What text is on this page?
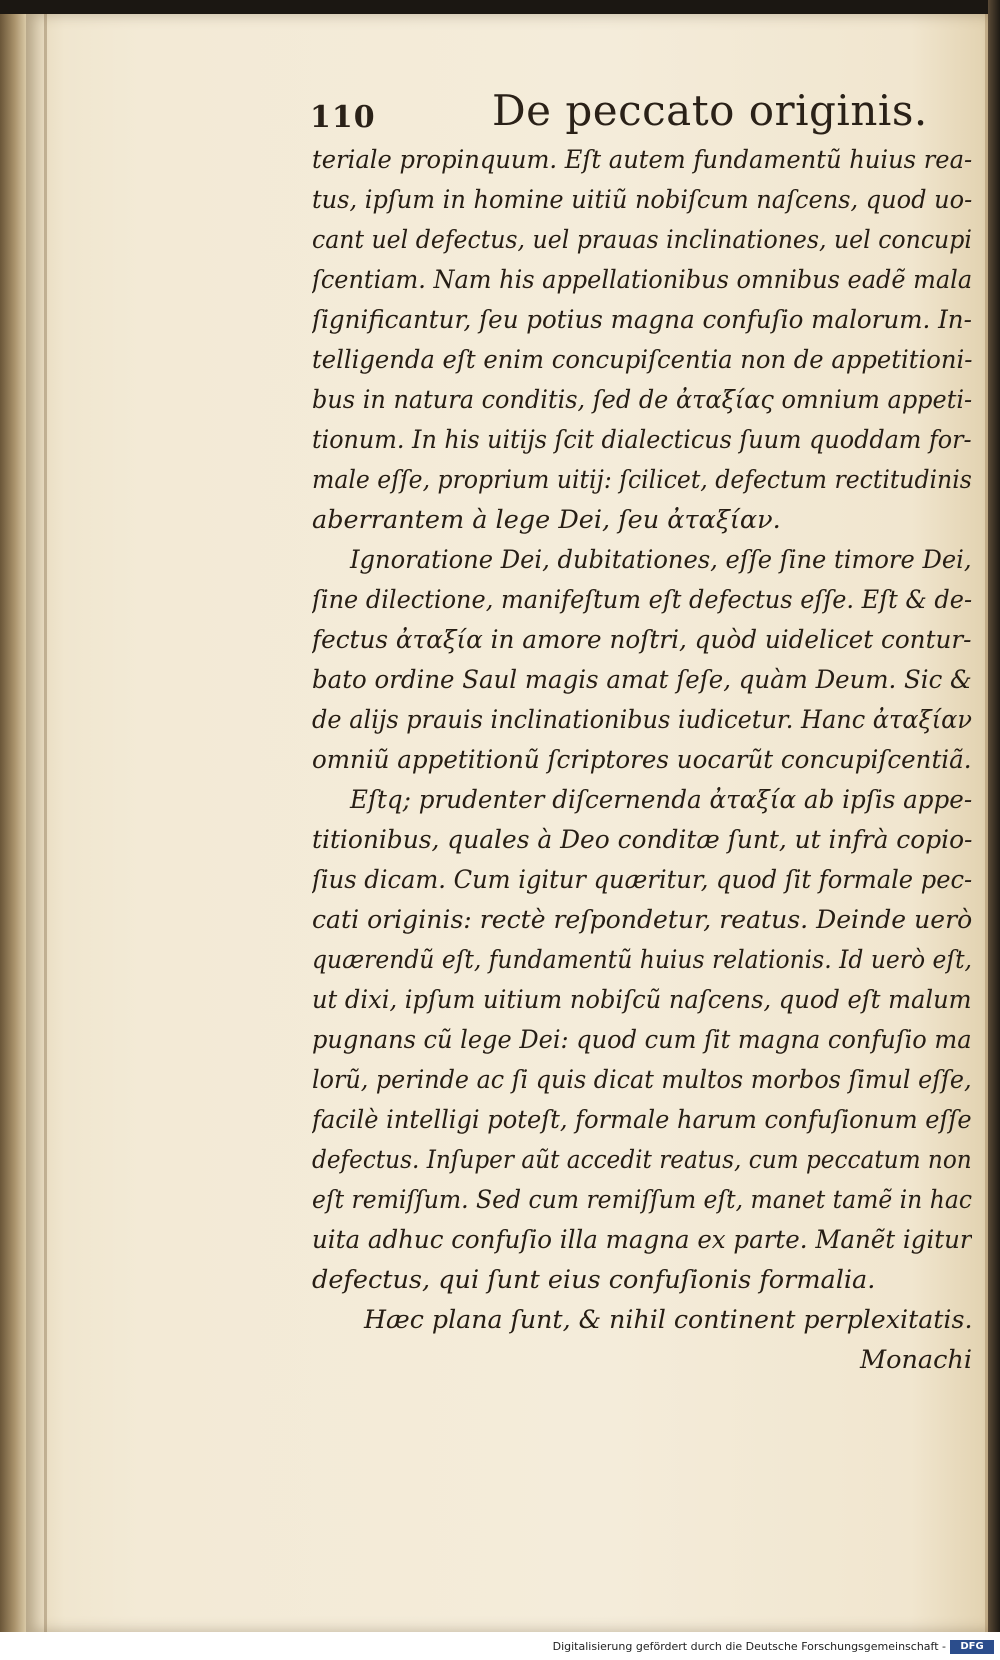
110	De peccato originis.
teriale propinquum. Eſt autem fundamentũ huius rea-
tus, ipſum in homine uitiũ nobiſcum naſcens, quod uo-
cant uel defectus, uel prauas inclinationes, uel concupi
ſcentiam. Nam his appellationibus omnibus eadẽ mala
ſignificantur, ſeu potius magna confuſio malorum. In-
telligenda eſt enim concupiſcentia non de appetitioni-
bus in natura conditis, ſed de ἀταξίας omnium appeti-
tionum. In his uitijs ſcit dialecticus ſuum quoddam for-
male eſſe, proprium uitij: ſcilicet, defectum rectitudinis
aberrantem à lege Dei, ſeu ἀταξίαν.
Ignoratione Dei, dubitationes, eſſe ſine timore Dei,
ſine dilectione, manifeſtum eſt defectus eſſe. Eſt & de-
fectus ἀταξία in amore noſtri, quòd uidelicet contur-
bato ordine Saul magis amat ſeſe, quàm Deum. Sic &
de alijs prauis inclinationibus iudicetur. Hanc ἀταξίαν
omniũ appetitionũ ſcriptores uocarũt concupiſcentiã.
Eſtq; prudenter diſcernenda ἀταξία ab ipſis appe-
titionibus, quales à Deo conditæ ſunt, ut infrà copio-
ſius dicam. Cum igitur quæritur, quod ſit formale pec-
cati originis: rectè reſpondetur, reatus. Deinde uerò
quærendũ eſt, fundamentũ huius relationis. Id uerò eſt,
ut dixi, ipſum uitium nobiſcũ naſcens, quod eſt malum
pugnans cũ lege Dei: quod cum ſit magna confuſio ma
lorũ, perinde ac ſi quis dicat multos morbos ſimul eſſe,
facilè intelligi poteſt, formale harum confuſionum eſſe
defectus. Inſuper aũt accedit reatus, cum peccatum non
eſt remiſſum. Sed cum remiſſum eſt, manet tamẽ in hac
uita adhuc confuſio illa magna ex parte. Manẽt igitur
defectus, qui ſunt eius confuſionis formalia.
Hæc plana ſunt, & nihil continent perplexitatis.
Monachi
Digitalisierung gefördert durch die Deutsche Forschungsgemeinschaft -	DFG
